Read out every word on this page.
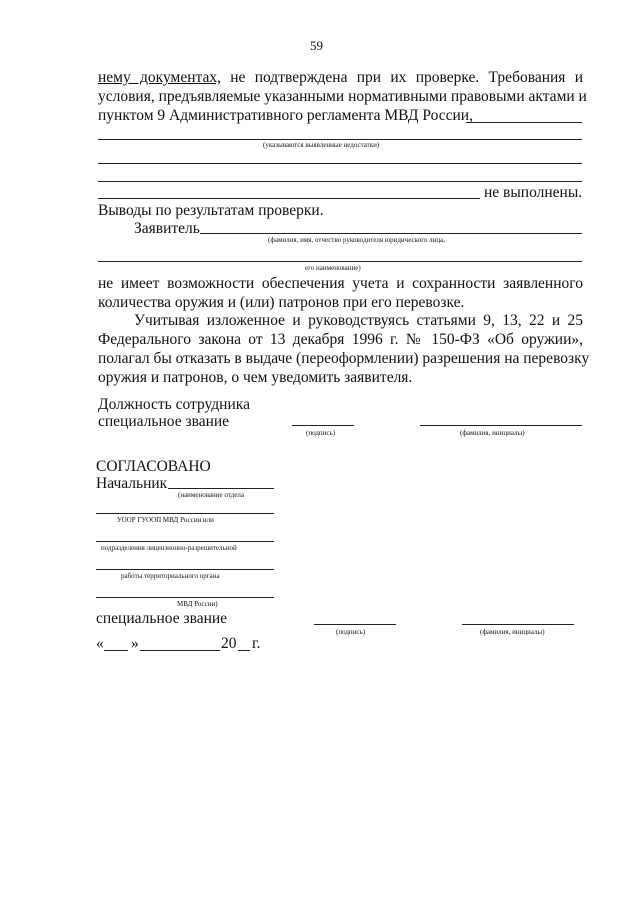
59
нему документах, не подтверждена при их проверке. Требования и
условия, предъявляемые указанными нормативными правовыми актами и
пунктом 9 Административного регламента МВД России,
(указываются выявленные недостатки)
не выполнены.
Выводы по результатам проверки.
Заявитель
(фамилия, имя, отчество руководителя юридического лица,
его наименование)
не имеет возможности обеспечения учета и сохранности заявленного
количества оружия и (или) патронов при его перевозке.
Учитывая изложенное и руководствуясь статьями 9, 13, 22 и 25
Федерального закона от 13 декабря 1996 г. № 150-ФЗ «Об оружии»,
полагал бы отказать в выдаче (переоформлении) разрешения на перевозку
оружия и патронов, о чем уведомить заявителя.
Должность сотрудника
специальное звание
(подпись)	(фамилия, инициалы)
СОГЛАСОВАНО
Начальник
(наименование отдела
УООР ГУООП МВД России или
подразделения лицензионно-разрешительной
работы территориального органа
МВД России)
специальное звание
(подпись)	(фамилия, инициалы)
« »	20 г.
